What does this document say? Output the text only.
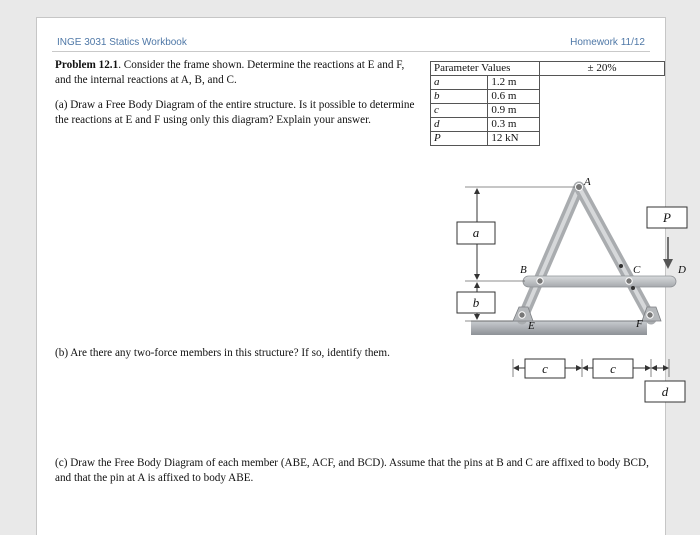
INGE 3031 Statics Workbook	Homework 11/12
Problem 12.1. Consider the frame shown. Determine the reactions at E and F, and the internal reactions at A, B, and C.
(a) Draw a Free Body Diagram of the entire structure. Is it possible to determine the reactions at E and F using only this diagram? Explain your answer.
Parameter Values		± 20%
a	1.2 m	
b	0.6 m	
c	0.9 m	
d	0.3 m	
P	12 kN	
A
B	C	D
E	F
P
a
b
c	c
d
(b) Are there any two-force members in this structure? If so, identify them.
(c) Draw the Free Body Diagram of each member (ABE, ACF, and BCD). Assume that the pins at B and C are affixed to body BCD, and that the pin at A is affixed to body ABE.
